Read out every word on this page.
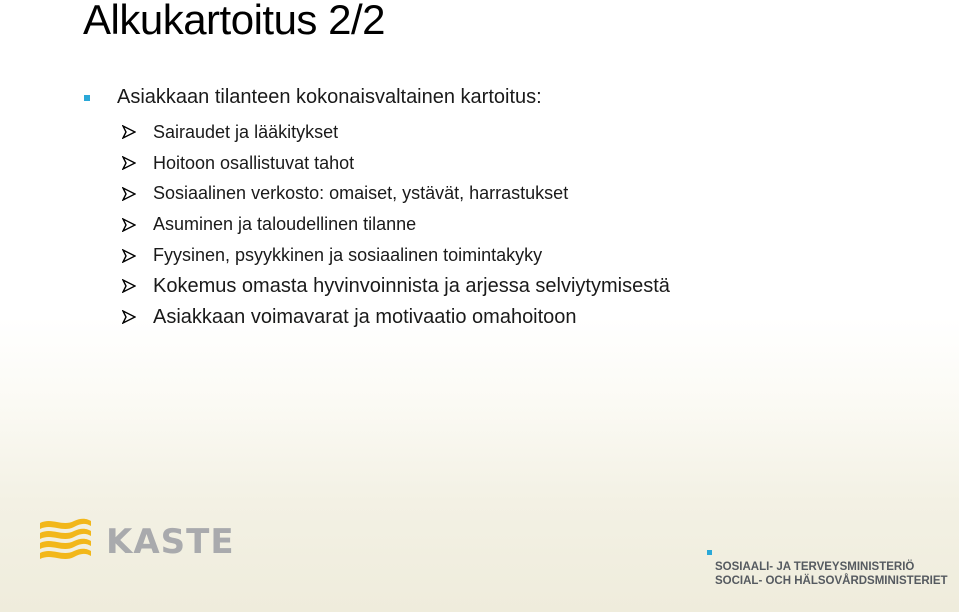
Alkukartoitus 2/2
Asiakkaan tilanteen kokonaisvaltainen kartoitus:
Sairaudet ja lääkitykset
Hoitoon osallistuvat tahot
Sosiaalinen verkosto: omaiset, ystävät, harrastukset
Asuminen ja taloudellinen tilanne
Fyysinen, psyykkinen ja sosiaalinen toimintakyky
Kokemus omasta hyvinvoinnista ja arjessa selviytymisestä
Asiakkaan voimavarat ja motivaatio omahoitoon
KASTE
SOSIAALI- JA TERVEYSMINISTERIÖ
SOCIAL- OCH HÄLSOVÅRDSMINISTERIET
